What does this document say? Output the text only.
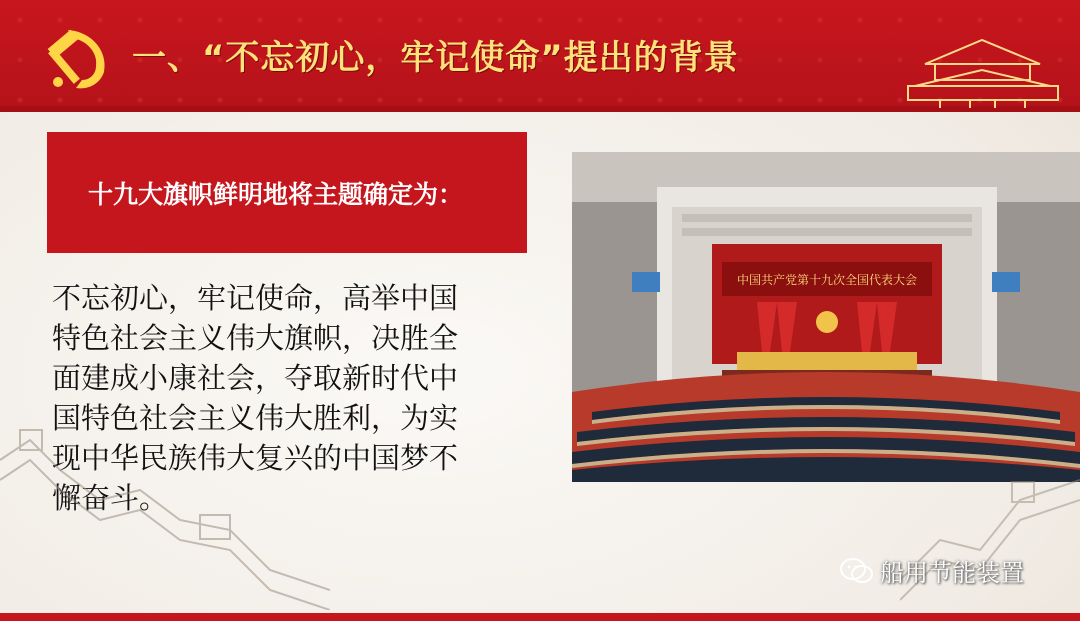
一、“不忘初心，牢记使命”提出的背景
十九大旗帜鲜明地将主题确定为：
不忘初心，牢记使命，高举中国
特色社会主义伟大旗帜，决胜全
面建成小康社会，夺取新时代中
国特色社会主义伟大胜利，为实
现中华民族伟大复兴的中国梦不
懈奋斗。
中国共产党第十九次全国代表大会
船用节能装置
